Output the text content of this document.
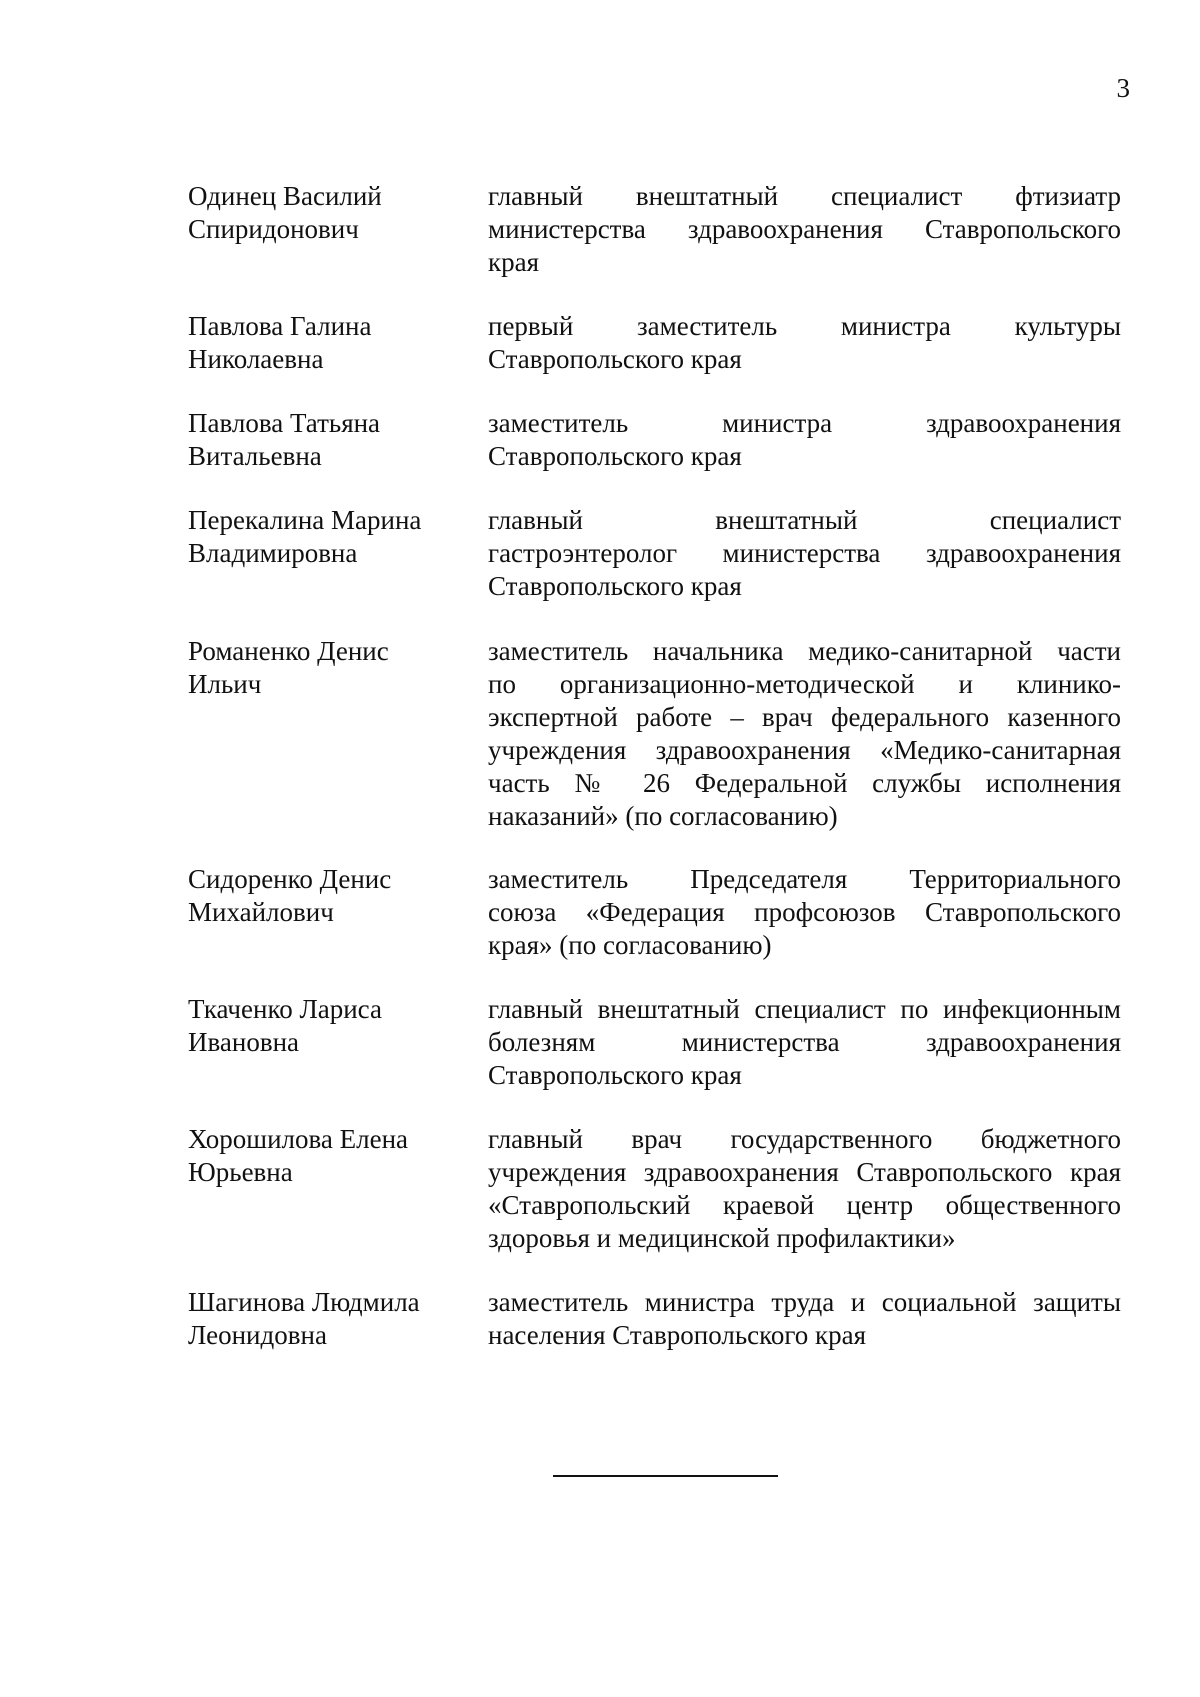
3
Одинец Василий
Спиридонович
главный внештатный специалист фтизиатр
министерства здравоохранения Ставропольского
края
Павлова Галина
Николаевна
первый заместитель министра культуры
Ставропольского края
Павлова Татьяна
Витальевна
заместитель министра здравоохранения
Ставропольского края
Перекалина Марина
Владимировна
главный внештатный специалист
гастроэнтеролог министерства здравоохранения
Ставропольского края
Романенко Денис
Ильич
заместитель начальника медико-санитарной части
по организационно-методической и клинико-
экспертной работе – врач федерального казенного
учреждения здравоохранения «Медико-санитарная
часть № 26 Федеральной службы исполнения
наказаний» (по согласованию)
Сидоренко Денис
Михайлович
заместитель Председателя Территориального
союза «Федерация профсоюзов Ставропольского
края» (по согласованию)
Ткаченко Лариса
Ивановна
главный внештатный специалист по инфекционным
болезням министерства здравоохранения
Ставропольского края
Хорошилова Елена
Юрьевна
главный врач государственного бюджетного
учреждения здравоохранения Ставропольского края
«Ставропольский краевой центр общественного
здоровья и медицинской профилактики»
Шагинова Людмила
Леонидовна
заместитель министра труда и социальной защиты
населения Ставропольского края
